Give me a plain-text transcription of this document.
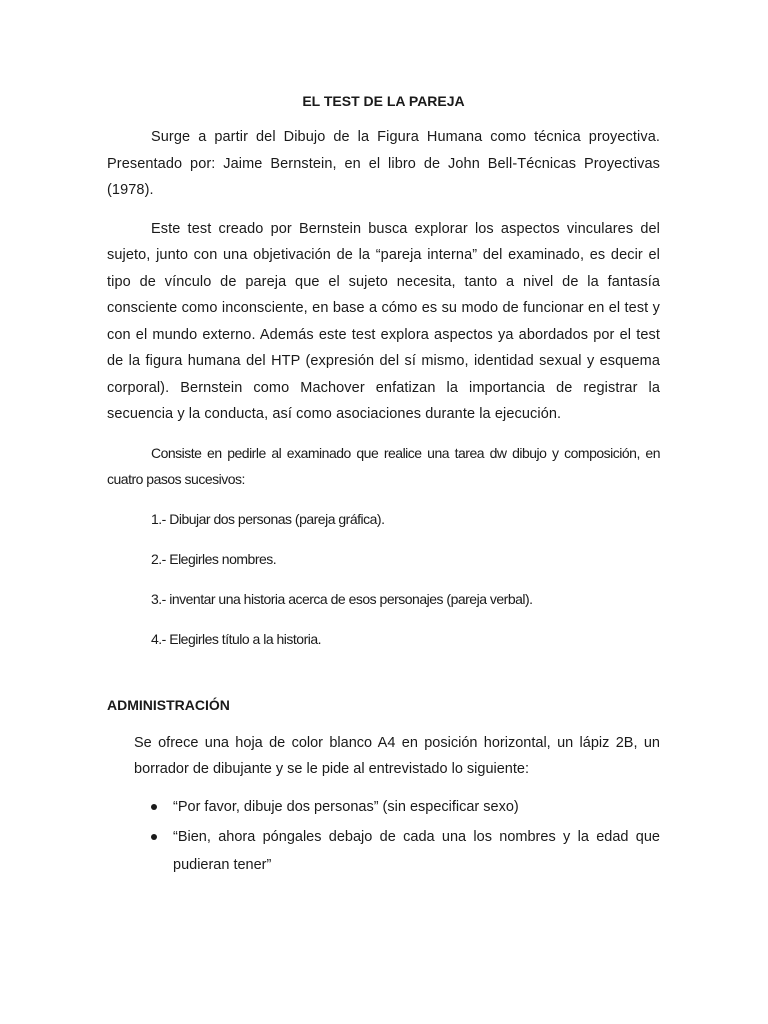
EL TEST DE LA PAREJA

Surge a partir del Dibujo de la Figura Humana como técnica proyectiva. Presentado por: Jaime Bernstein, en el libro de John Bell-Técnicas Proyectivas (1978).

Este test creado por Bernstein busca explorar los aspectos vinculares del sujeto, junto con una objetivación de la “pareja interna” del examinado, es decir el tipo de vínculo de pareja que el sujeto necesita, tanto a nivel de la fantasía consciente como inconsciente, en base a cómo es su modo de funcionar en el test y con el mundo externo. Además este test explora aspectos ya abordados por el test de la figura humana del HTP (expresión del sí mismo, identidad sexual y esquema corporal). Bernstein como Machover enfatizan la importancia de registrar la secuencia y la conducta, así como asociaciones durante la ejecución.

Consiste en pedirle al examinado que realice una tarea dw dibujo y composición, en cuatro pasos sucesivos:

1.- Dibujar dos personas (pareja gráfica).

2.- Elegirles nombres.

3.- inventar una historia acerca de esos personajes (pareja verbal).

4.- Elegirles título a la historia.

ADMINISTRACIÓN

Se ofrece una hoja de color blanco A4 en posición horizontal, un lápiz 2B, un borrador de dibujante y se le pide al entrevistado lo siguiente:

“Por favor, dibuje dos personas” (sin especificar sexo)
“Bien, ahora póngales debajo de cada una los nombres y la edad que pudieran tener”
